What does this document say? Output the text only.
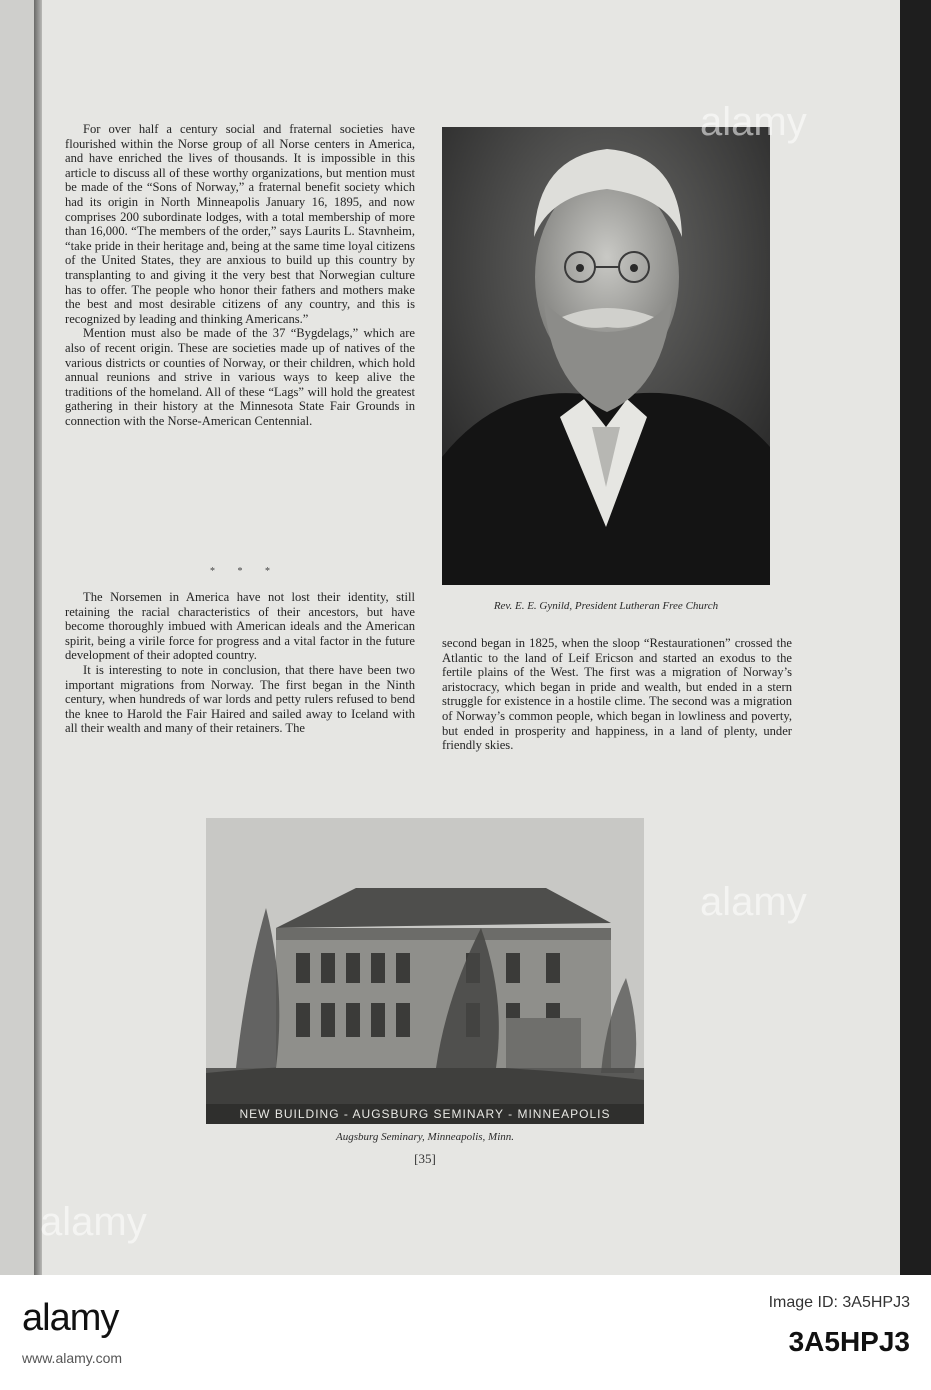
For over half a century social and fraternal societies have flourished within the Norse group of all Norse centers in America, and have enriched the lives of thousands. It is impossible in this article to discuss all of these worthy organizations, but mention must be made of the “Sons of Norway,” a fraternal benefit society which had its origin in North Minneapolis January 16, 1895, and now comprises 200 subordinate lodges, with a total membership of more than 16,000. “The members of the order,” says Laurits L. Stavnheim, “take pride in their heritage and, being at the same time loyal citizens of the United States, they are anxious to build up this country by transplanting to and giving it the very best that Norwegian culture has to offer. The people who honor their fathers and mothers make the best and most desirable citizens of any country, and this is recognized by leading and thinking Americans.”

Mention must also be made of the 37 “Bygdelags,” which are also of recent origin. These are societies made up of natives of the various districts or counties of Norway, or their children, which hold annual reunions and strive in various ways to keep alive the traditions of the homeland. All of these “Lags” will hold the greatest gathering in their history at the Minnesota State Fair Grounds in connection with the Norse-American Centennial.

* * *

The Norsemen in America have not lost their identity, still retaining the racial characteristics of their ancestors, but have become thoroughly imbued with American ideals and the American spirit, being a virile force for progress and a vital factor in the future development of their adopted country.

It is interesting to note in conclusion, that there have been two important migrations from Norway. The first began in the Ninth century, when hundreds of war lords and petty rulers refused to bend the knee to Harold the Fair Haired and sailed away to Iceland with all their wealth and many of their retainers. The

Rev. E. E. Gynild, President Lutheran Free Church

second began in 1825, when the sloop “Restaurationen” crossed the Atlantic to the land of Leif Ericson and started an exodus to the fertile plains of the West. The first was a migration of Norway’s aristocracy, which began in pride and wealth, but ended in a stern struggle for existence in a hostile clime. The second was a migration of Norway’s common people, which began in lowliness and poverty, but ended in prosperity and happiness, in a land of plenty, under friendly skies.

NEW BUILDING - AUGSBURG SEMINARY - MINNEAPOLIS
Augsburg Seminary, Minneapolis, Minn.
[35]
alamy
alamy
alamy
alamy
www.alamy.com
Image ID: 3A5HPJ3
3A5HPJ3
